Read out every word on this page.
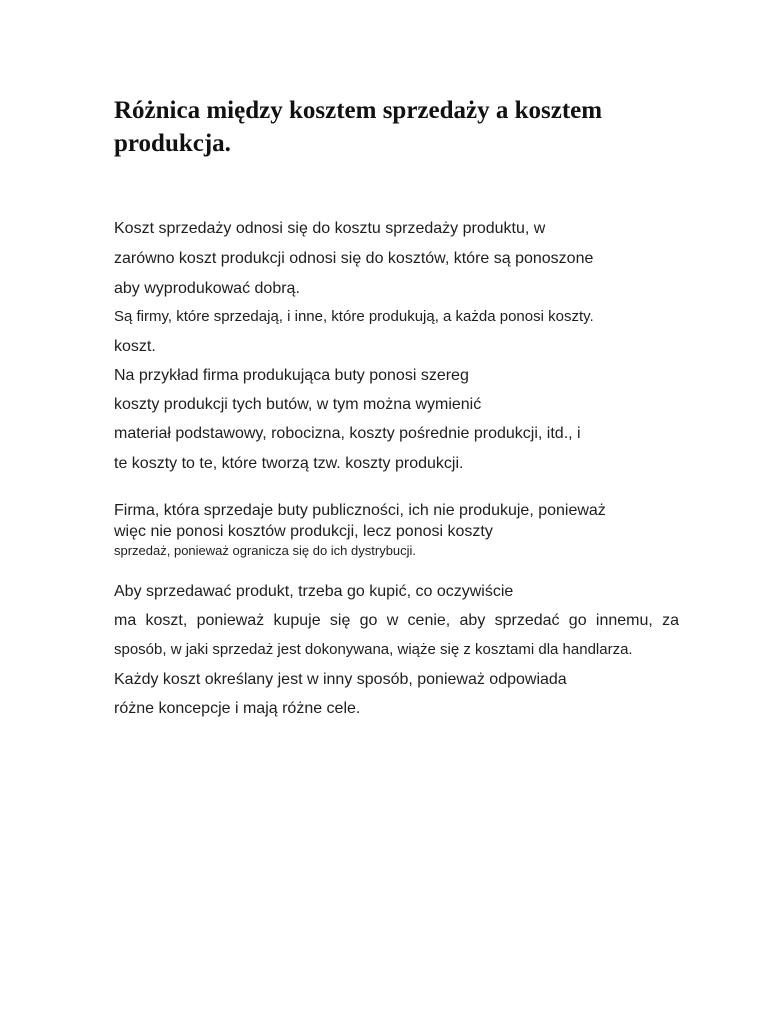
Różnica między kosztem sprzedaży a kosztem produkcja.

Koszt sprzedaży odnosi się do kosztu sprzedaży produktu, w

zarówno koszt produkcji odnosi się do kosztów, które są ponoszone

aby wyprodukować dobrą.

Są firmy, które sprzedają, i inne, które produkują, a każda ponosi koszty.

koszt.

Na przykład firma produkująca buty ponosi szereg

koszty produkcji tych butów, w tym można wymienić

materiał podstawowy, robocizna, koszty pośrednie produkcji, itd., i

te koszty to te, które tworzą tzw. koszty produkcji.

Firma, która sprzedaje buty publiczności, ich nie produkuje, ponieważ

więc nie ponosi kosztów produkcji, lecz ponosi koszty

sprzedaż, ponieważ ogranicza się do ich dystrybucji.

Aby sprzedawać produkt, trzeba go kupić, co oczywiście

ma koszt, ponieważ kupuje się go w cenie, aby sprzedać go innemu, za

sposób, w jaki sprzedaż jest dokonywana, wiąże się z kosztami dla handlarza.

Każdy koszt określany jest w inny sposób, ponieważ odpowiada

różne koncepcje i mają różne cele.
